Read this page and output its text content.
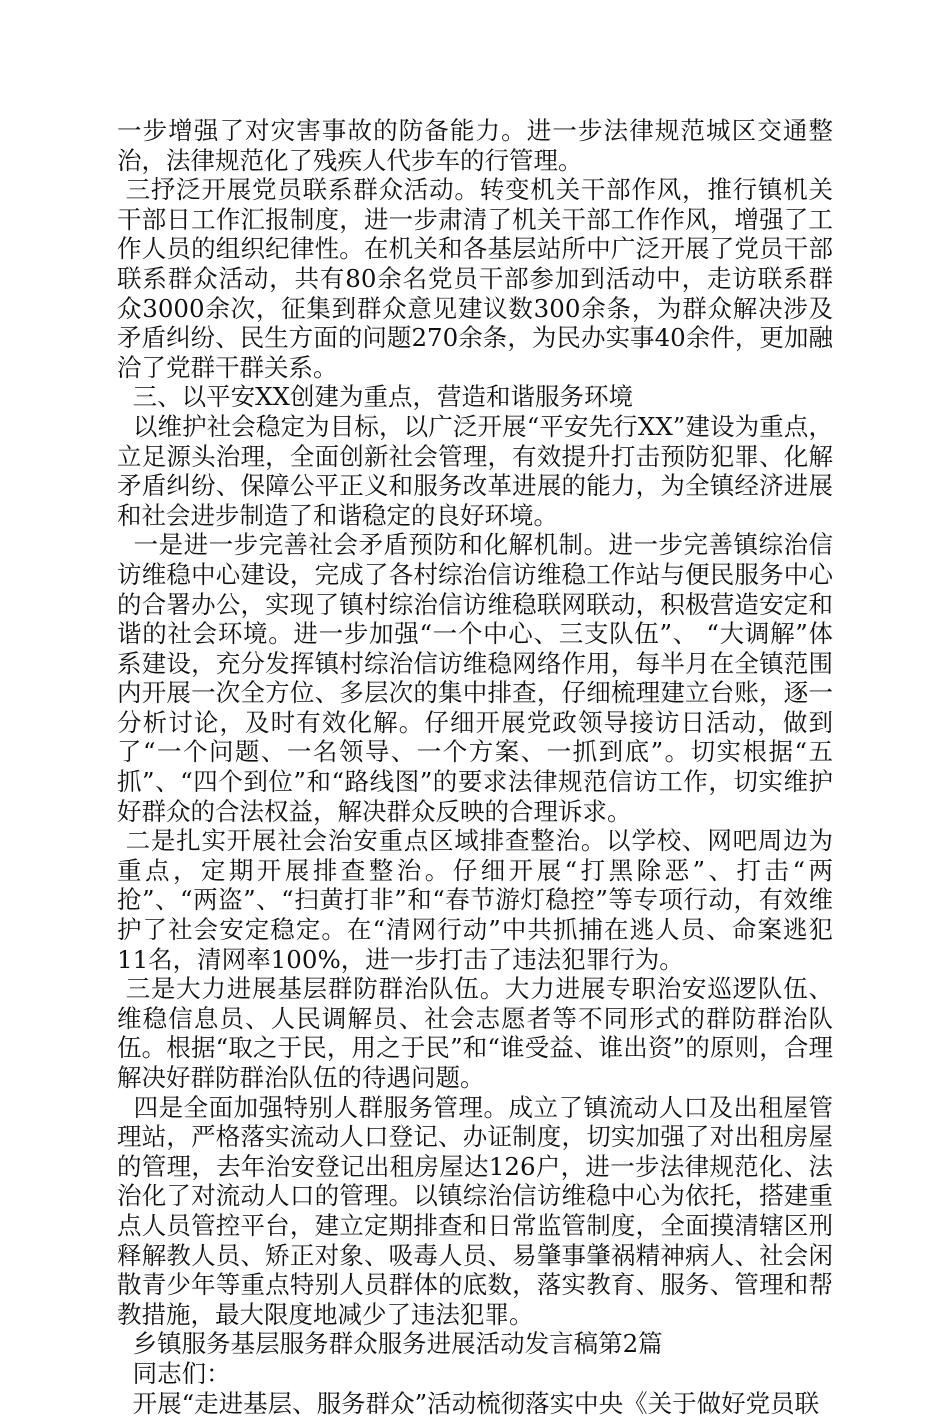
一步增强了对灾害事故的防备能力。进一步法律规范城区交通整治，法律规范化了残疾人代步车的行管理。

三抒泛开展党员联系群众活动。转变机关干部作风，推行镇机关干部日工作汇报制度，进一步肃清了机关干部工作作风，增强了工作人员的组织纪律性。在机关和各基层站所中广泛开展了党员干部联系群众活动，共有80余名党员干部参加到活动中，走访联系群众3000余次，征集到群众意见建议数300余条，为群众解决涉及矛盾纠纷、民生方面的问题270余条，为民办实事40余件，更加融洽了党群干群关系。

三、以平安XX创建为重点，营造和谐服务环境

以维护社会稳定为目标，以广泛开展“平安先行XX”建设为重点，立足源头治理，全面创新社会管理，有效提升打击预防犯罪、化解矛盾纠纷、保障公平正义和服务改革进展的能力，为全镇经济进展和社会进步制造了和谐稳定的良好环境。

一是进一步完善社会矛盾预防和化解机制。进一步完善镇综治信访维稳中心建设，完成了各村综治信访维稳工作站与便民服务中心的合署办公，实现了镇村综治信访维稳联网联动，积极营造安定和谐的社会环境。进一步加强“一个中心、三支队伍”、 “大调解”体系建设，充分发挥镇村综治信访维稳网络作用，每半月在全镇范围内开展一次全方位、多层次的集中排查，仔细梳理建立台账，逐一分析讨论，及时有效化解。仔细开展党政领导接访日活动，做到了“一个问题、一名领导、一个方案、一抓到底”。切实根据“五抓”、“四个到位”和“路线图”的要求法律规范信访工作，切实维护好群众的合法权益，解决群众反映的合理诉求。

二是扎实开展社会治安重点区域排查整治。以学校、网吧周边为重点，定期开展排查整治。仔细开展“打黑除恶”、打击“两抢”、“两盗”、“扫黄打非”和“春节游灯稳控”等专项行动，有效维护了社会安定稳定。在“清网行动”中共抓捕在逃人员、命案逃犯11名，清网率100%，进一步打击了违法犯罪行为。

三是大力进展基层群防群治队伍。大力进展专职治安巡逻队伍、维稳信息员、人民调解员、社会志愿者等不同形式的群防群治队伍。根据“取之于民，用之于民”和“谁受益、谁出资”的原则，合理解决好群防群治队伍的待遇问题。

四是全面加强特别人群服务管理。成立了镇流动人口及出租屋管理站，严格落实流动人口登记、办证制度，切实加强了对出租房屋的管理，去年治安登记出租房屋达126户，进一步法律规范化、法治化了对流动人口的管理。以镇综治信访维稳中心为依托，搭建重点人员管控平台，建立定期排查和日常监管制度，全面摸清辖区刑释解教人员、矫正对象、吸毒人员、易肇事肇祸精神病人、社会闲散青少年等重点特别人员群体的底数，落实教育、服务、管理和帮教措施，最大限度地减少了违法犯罪。

乡镇服务基层服务群众服务进展活动发言稿第2篇

同志们：

开展“走进基层、服务群众”活动梳彻落实中央《关于做好党员联
